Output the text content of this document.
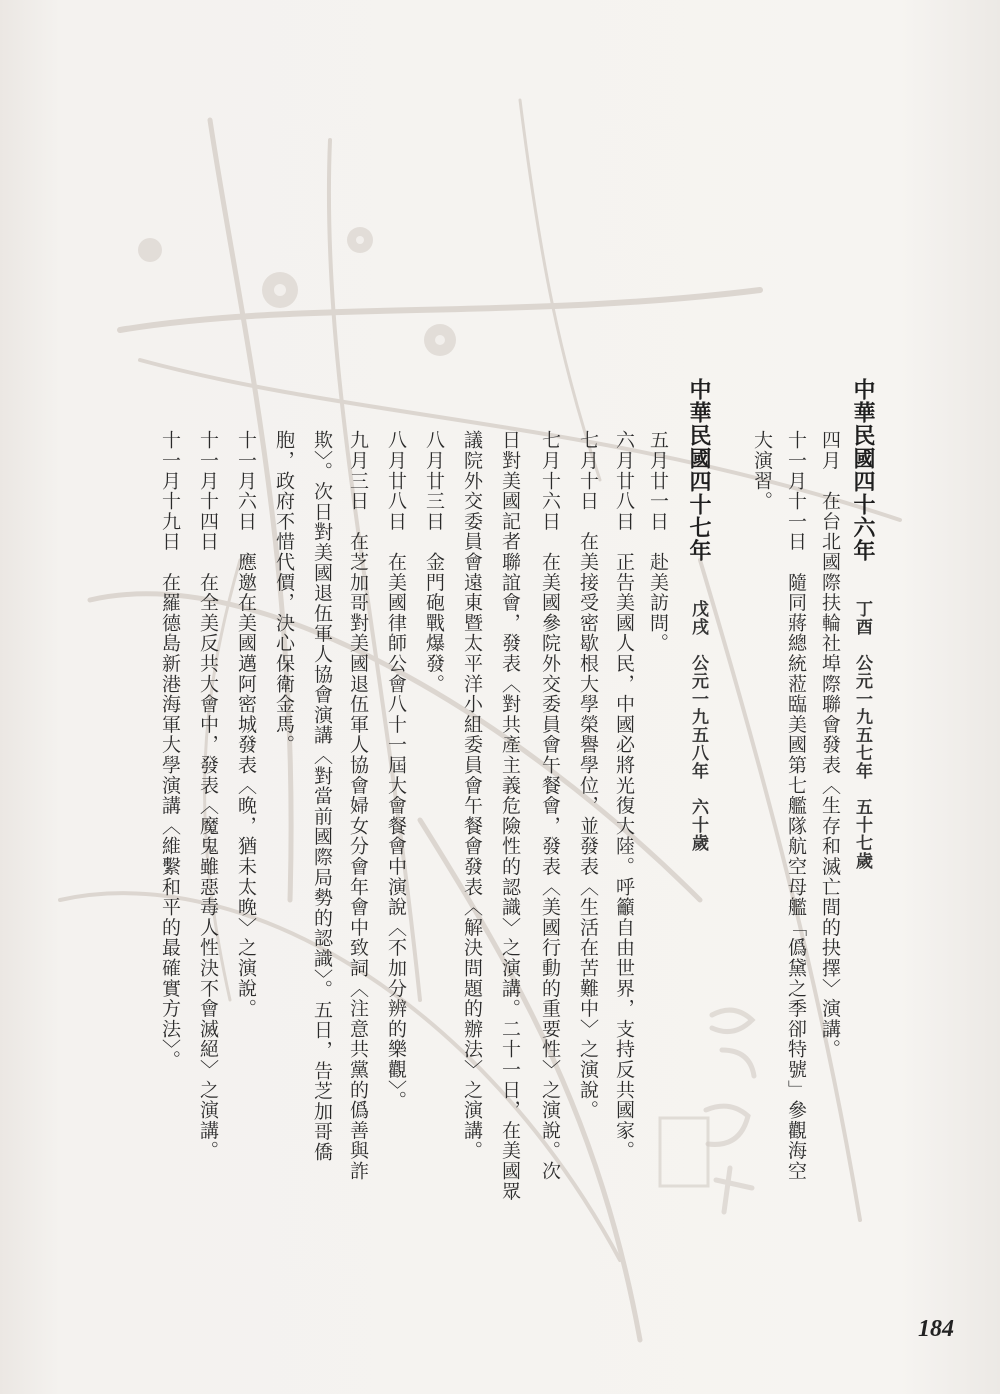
中華民國四十六年丁酉　公元一九五七年　五十七歲
四月　在台北國際扶輪社埠際聯會發表〈生存和滅亡間的抉擇〉演講。
十一月十一日　隨同蔣總統蒞臨美國第七艦隊航空母艦「僞黛之季卻特號」參觀海空
大演習。
中華民國四十七年戊戌　公元一九五八年　六十歲
五月廿一日　赴美訪問。
六月廿八日　正告美國人民，中國必將光復大陸。呼籲自由世界，支持反共國家。
七月十日　在美接受密歇根大學榮譽學位，並發表〈生活在苦難中〉之演說。
七月十六日　在美國參院外交委員會午餐會，發表〈美國行動的重要性〉之演說。次
日對美國記者聯誼會，發表〈對共產主義危險性的認識〉之演講。二十一日，在美國眾
議院外交委員會遠東暨太平洋小組委員會午餐會發表〈解決問題的辦法〉之演講。
八月廿三日　金門砲戰爆發。
八月廿八日　在美國律師公會八十一屆大會餐會中演說〈不加分辨的樂觀〉。
九月三日　在芝加哥對美國退伍軍人協會婦女分會年會中致詞〈注意共黨的僞善與詐
欺〉。次日對美國退伍軍人協會演講〈對當前國際局勢的認識〉。五日，告芝加哥僑
胞，政府不惜代價，決心保衛金馬。
十一月六日　應邀在美國邁阿密城發表〈晚，猶未太晚〉之演說。
十一月十四日　在全美反共大會中，發表〈魔鬼雖惡毒人性決不會滅絕〉之演講。
十一月十九日　在羅德島新港海軍大學演講〈維繫和平的最確實方法〉。
184
